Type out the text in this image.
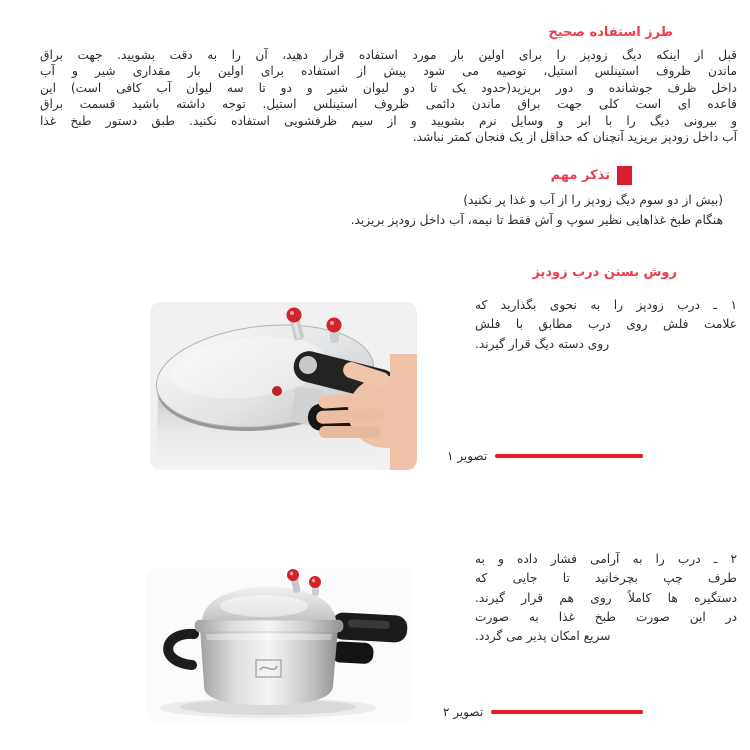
طرز استفاده صحیح
قبل از اینکه دیگ زودپز را برای اولین بار مورد استفاده قرار دهید، آن را به دقت بشویید. جهت براق
ماندن ظروف استینلس استیل، توصیه می شود پیش از استفاده برای اولین بار مقداری شیر و آب
داخل ظرف جوشانده و دور بریزید(حدود یک تا دو لیوان شیر و دو تا سه لیوان آب کافی است) این
قاعده ای است کلی جهت براق ماندن دائمی ظروف استینلس استیل. توجه داشته باشید قسمت براق
و بیرونی دیگ را با ابر و وسایل نرم بشویید و از سیم ظرفشویی استفاده نکنید. طبق دستور طبخ غذا
آب داخل زودپز بریزید آنچنان که حداقل از یک فنجان کمتر نباشد.
تذکر مهم
(بیش از دو سوم دیگ زودپز را از آب و غذا پر نکنید)
هنگام طبخ غذاهایی نظیر سوپ و آش فقط تا نیمه، آب داخل زودپز بریزید.
روش بستن درب زودپز
۱ ـ درب زودپز را به نحوی بگذارید که
علامت فلش روی درب مطابق با فلش
روی دسته دیگ قرار گیرند.
تصویر ۱
۲ ـ درب را به آرامی فشار داده و به
طرف چپ بچرخانید تا جایی که
دستگیره ها کاملاً روی هم قرار گیرند.
در این صورت طبخ غذا به صورت
سریع امکان پذیر می گردد.
تصویر ۲
